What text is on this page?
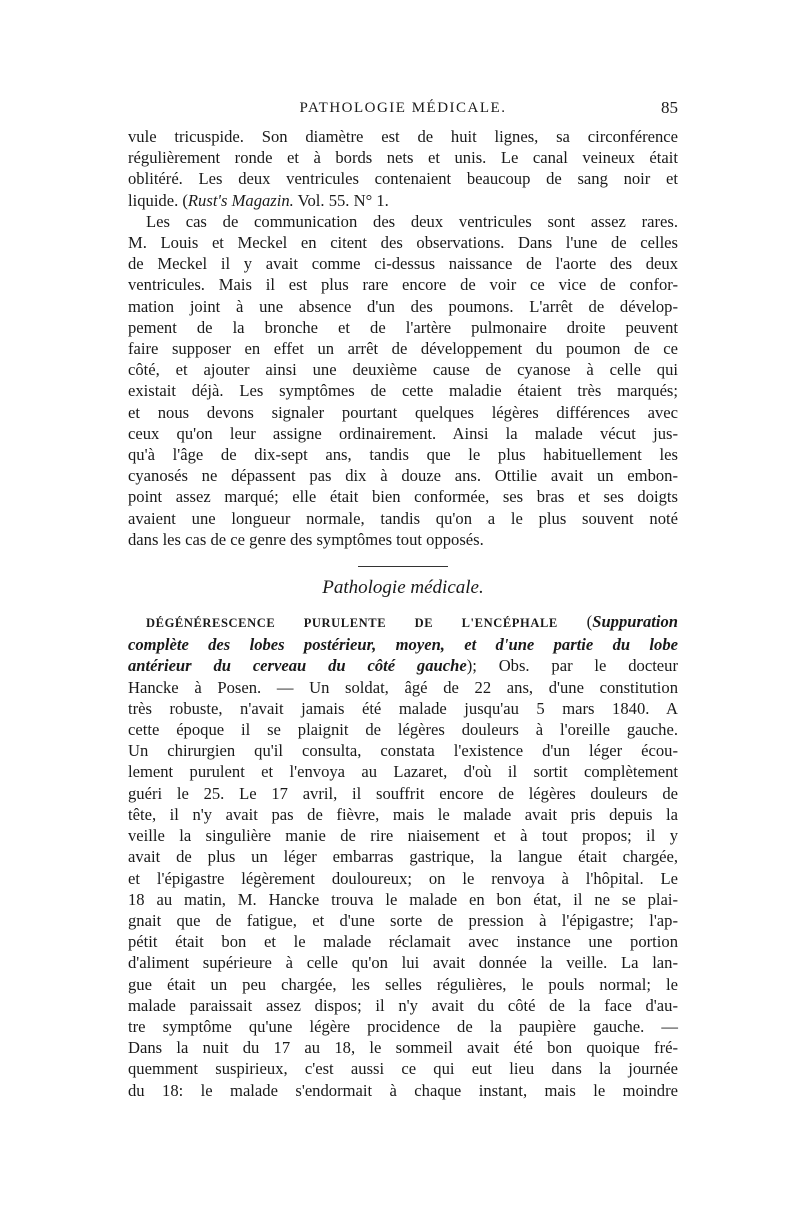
PATHOLOGIE MÉDICALE.	85

vule tricuspide. Son diamètre est de huit lignes, sa circonférence

régulièrement ronde et à bords nets et unis. Le canal veineux était

oblitéré. Les deux ventricules contenaient beaucoup de sang noir et

liquide. (Rust's Magazin. Vol. 55. N° 1.

Les cas de communication des deux ventricules sont assez rares.

M. Louis et Meckel en citent des observations. Dans l'une de celles

de Meckel il y avait comme ci-dessus naissance de l'aorte des deux

ventricules. Mais il est plus rare encore de voir ce vice de confor-

mation joint à une absence d'un des poumons. L'arrêt de dévelop-

pement de la bronche et de l'artère pulmonaire droite peuvent

faire supposer en effet un arrêt de développement du poumon de ce

côté, et ajouter ainsi une deuxième cause de cyanose à celle qui

existait déjà. Les symptômes de cette maladie étaient très marqués;

et nous devons signaler pourtant quelques légères différences avec

ceux qu'on leur assigne ordinairement. Ainsi la malade vécut jus-

qu'à l'âge de dix-sept ans, tandis que le plus habituellement les

cyanosés ne dépassent pas dix à douze ans. Ottilie avait un embon-

point assez marqué; elle était bien conformée, ses bras et ses doigts

avaient une longueur normale, tandis qu'on a le plus souvent noté

dans les cas de ce genre des symptômes tout opposés.

Pathologie médicale.

DÉGÉNÉRESCENCE PURULENTE DE L'ENCÉPHALE (Suppuration

complète des lobes postérieur, moyen, et d'une partie du lobe

antérieur du cerveau du côté gauche); Obs. par le docteur

Hancke à Posen. — Un soldat, âgé de 22 ans, d'une constitution

très robuste, n'avait jamais été malade jusqu'au 5 mars 1840. A

cette époque il se plaignit de légères douleurs à l'oreille gauche.

Un chirurgien qu'il consulta, constata l'existence d'un léger écou-

lement purulent et l'envoya au Lazaret, d'où il sortit complètement

guéri le 25. Le 17 avril, il souffrit encore de légères douleurs de

tête, il n'y avait pas de fièvre, mais le malade avait pris depuis la

veille la singulière manie de rire niaisement et à tout propos; il y

avait de plus un léger embarras gastrique, la langue était chargée,

et l'épigastre légèrement douloureux; on le renvoya à l'hôpital. Le

18 au matin, M. Hancke trouva le malade en bon état, il ne se plai-

gnait que de fatigue, et d'une sorte de pression à l'épigastre; l'ap-

pétit était bon et le malade réclamait avec instance une portion

d'aliment supérieure à celle qu'on lui avait donnée la veille. La lan-

gue était un peu chargée, les selles régulières, le pouls normal; le

malade paraissait assez dispos; il n'y avait du côté de la face d'au-

tre symptôme qu'une légère procidence de la paupière gauche. —

Dans la nuit du 17 au 18, le sommeil avait été bon quoique fré-

quemment suspirieux, c'est aussi ce qui eut lieu dans la journée

du 18: le malade s'endormait à chaque instant, mais le moindre
